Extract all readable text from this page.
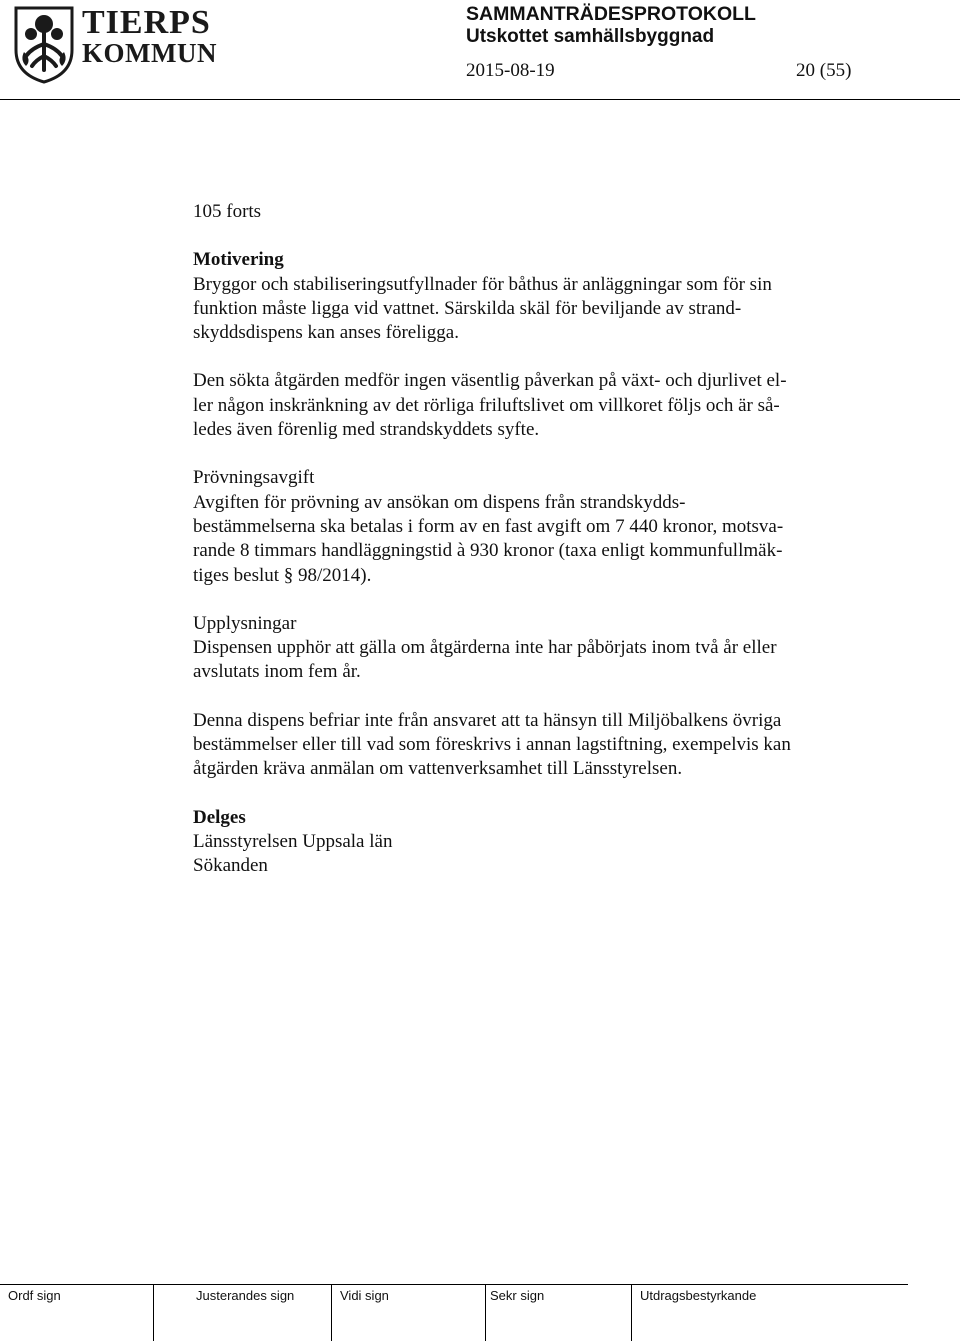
TIERPS
KOMMUN
SAMMANTRÄDESPROTOKOLL
Utskottet samhällsbyggnad
2015-08-19	20 (55)

105 forts

Motivering

Bryggor och stabiliseringsutfyllnader för båthus är anläggningar som för sin

funktion måste ligga vid vattnet. Särskilda skäl för beviljande av strand-

skyddsdispens kan anses föreligga.

Den sökta åtgärden medför ingen väsentlig påverkan på växt- och djurlivet el-

ler någon inskränkning av det rörliga friluftslivet om villkoret följs och är så-

ledes även förenlig med strandskyddets syfte.

Prövningsavgift

Avgiften för prövning av ansökan om dispens från strandskydds-

bestämmelserna ska betalas i form av en fast avgift om 7 440 kronor, motsva-

rande 8 timmars handläggningstid à 930 kronor (taxa enligt kommunfullmäk-

tiges beslut § 98/2014).

Upplysningar

Dispensen upphör att gälla om åtgärderna inte har påbörjats inom två år eller

avslutats inom fem år.

Denna dispens befriar inte från ansvaret att ta hänsyn till Miljöbalkens övriga

bestämmelser eller till vad som föreskrivs i annan lagstiftning, exempelvis kan

åtgärden kräva anmälan om vattenverksamhet till Länsstyrelsen.

Delges

Länsstyrelsen Uppsala län

Sökanden

Ordf sign	Justerandes sign	Vidi sign	Sekr sign	Utdragsbestyrkande
